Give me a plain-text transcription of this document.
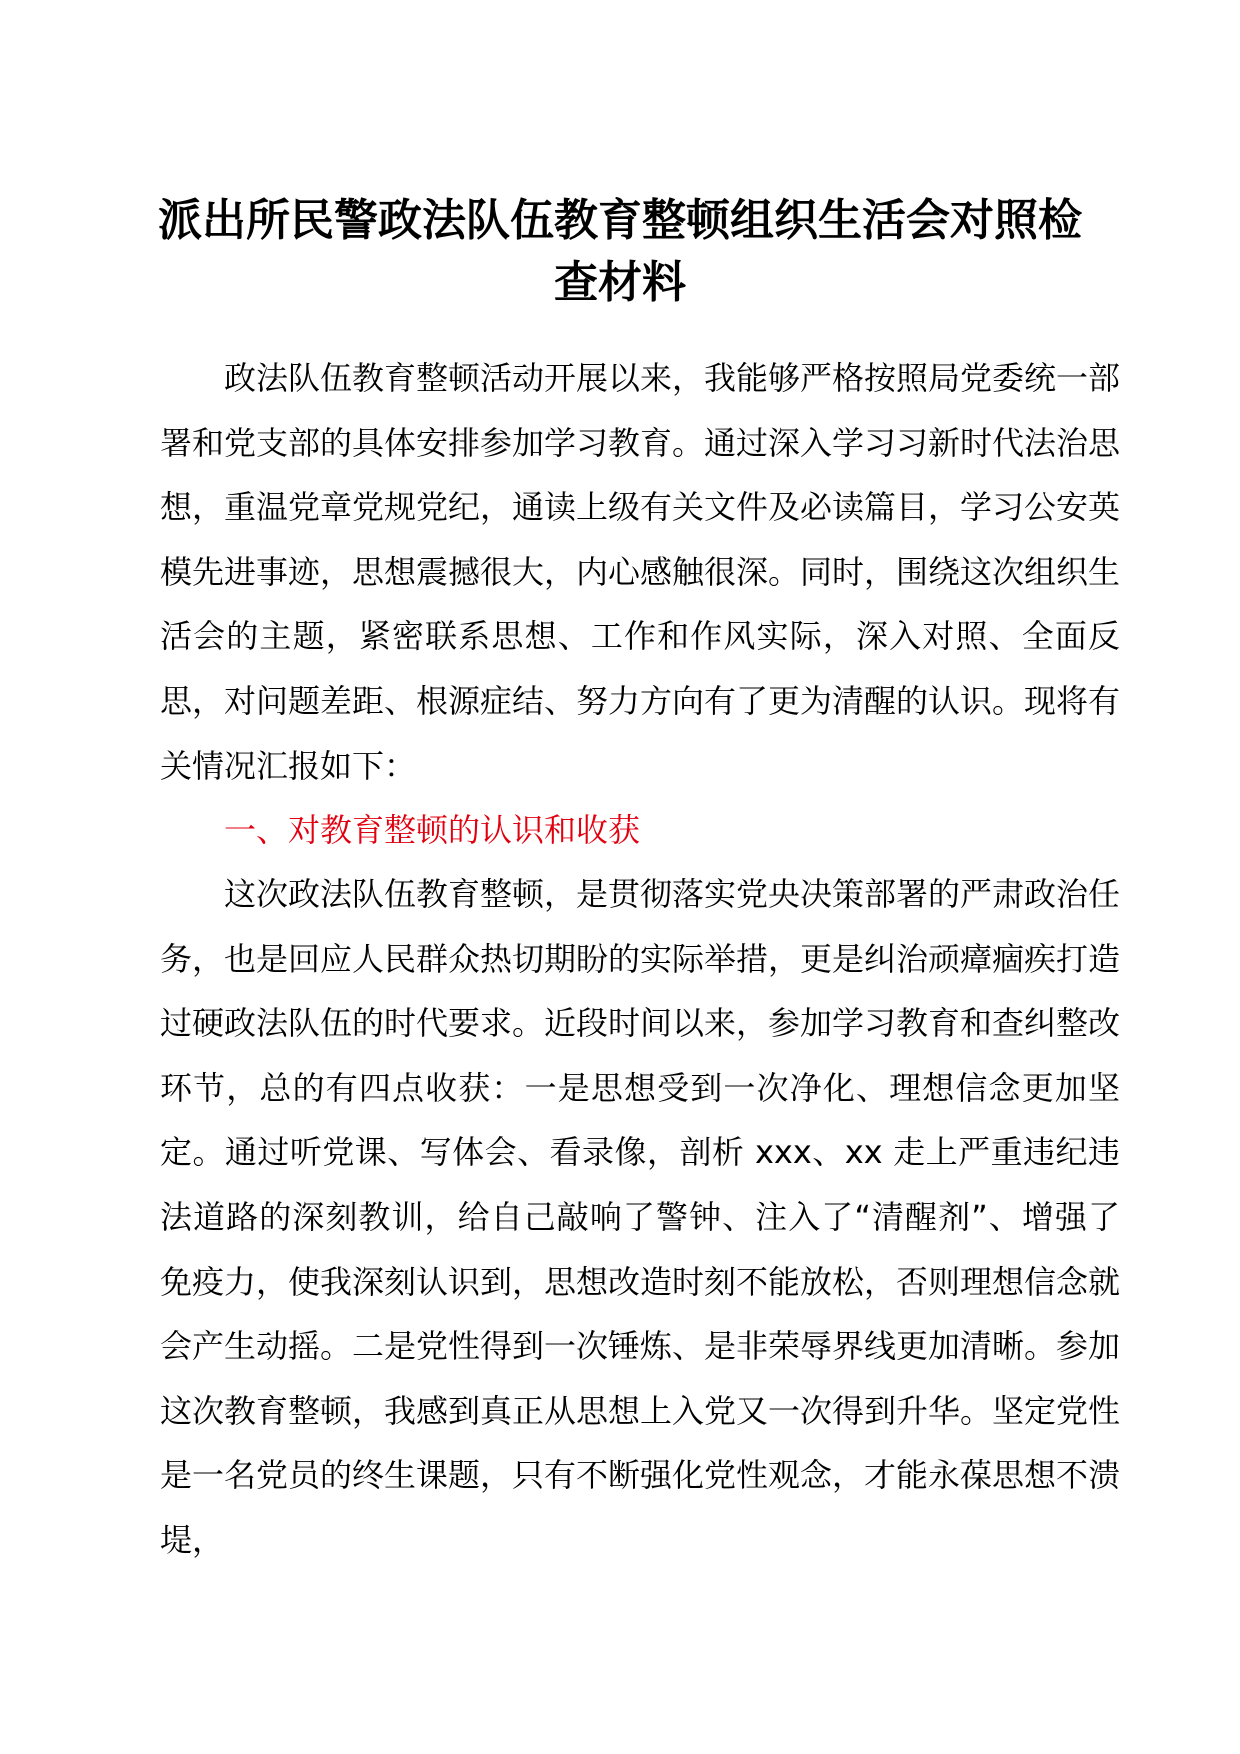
派出所民警政法队伍教育整顿组织生活会对照检查材料

政法队伍教育整顿活动开展以来，我能够严格按照局党委统一部署和党支部的具体安排参加学习教育。通过深入学习习新时代法治思想，重温党章党规党纪，通读上级有关文件及必读篇目，学习公安英模先进事迹，思想震撼很大，内心感触很深。同时，围绕这次组织生活会的主题，紧密联系思想、工作和作风实际，深入对照、全面反思，对问题差距、根源症结、努力方向有了更为清醒的认识。现将有关情况汇报如下：

一、对教育整顿的认识和收获

这次政法队伍教育整顿，是贯彻落实党央决策部署的严肃政治任务，也是回应人民群众热切期盼的实际举措，更是纠治顽瘴痼疾打造过硬政法队伍的时代要求。近段时间以来，参加学习教育和查纠整改环节，总的有四点收获：一是思想受到一次净化、理想信念更加坚定。通过听党课、写体会、看录像，剖析 xxx、xx 走上严重违纪违法道路的深刻教训，给自己敲响了警钟、注入了“清醒剂”、增强了免疫力，使我深刻认识到，思想改造时刻不能放松，否则理想信念就会产生动摇。二是党性得到一次锤炼、是非荣辱界线更加清晰。参加这次教育整顿，我感到真正从思想上入党又一次得到升华。坚定党性是一名党员的终生课题，只有不断强化党性观念，才能永葆思想不溃堤，
